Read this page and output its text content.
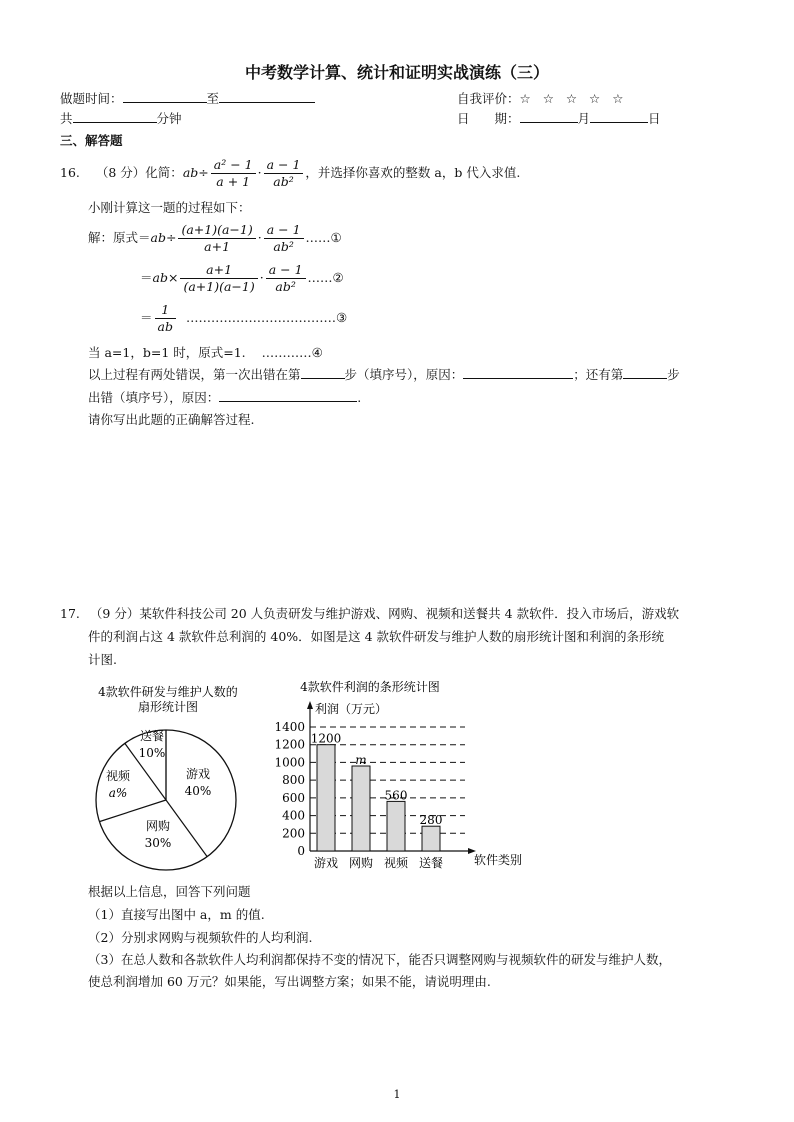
中考数学计算、统计和证明实战演练（三）
做题时间：	至	自我评价：☆ ☆ ☆ ☆ ☆
共	分钟	日　　期：	月	日
三、解答题
16. （8 分）化简：$ab\div \frac{\text{a² − 1}}{a + 1} \cdot \frac{a - 1}{\text{ab²}}$ ，并选择你喜欢的整数 a，b 代入求值.
小刚计算这一题的过程如下：
解：原式$=ab\div \frac{(a+1)(a-1)}{a+1} \cdot \frac{a - 1}{\text{ab²}}$ ……①
$=ab\times \frac{a+1}{(a+1)(a-1)} \cdot \frac{a - 1}{\text{ab²}}$ ……②
＝ $\frac{1}{ab}$ ………………………………③
当 a=1，b=1 时，原式=1. …………④
以上过程有两处错误，第一次出错在第	步（填序号），原因：	；还有第	步
出错（填序号），原因：	.
请你写出此题的正确解答过程.
17. （9 分）某软件科技公司 20 人负责研发与维护游戏、网购、视频和送餐共 4 款软件．投入市场后，游戏软
件的利润占这 4 款软件总利润的 40%．如图是这 4 款软件研发与维护人数的扇形统计图和利润的条形统
计图.
4款软件研发与维护人数的
扇形统计图
游戏
40%
网购
30%
视频
a%
送餐
10%
4款软件利润的条形统计图
利润（万元）
软件类别
0
200
400
600
800
1000
1200
1400
1200
游戏
m
网购
560
视频
280
送餐
根据以上信息，回答下列问题
（1）直接写出图中 a，m 的值.
（2）分别求网购与视频软件的人均利润.
（3）在总人数和各款软件人均利润都保持不变的情况下，能否只调整网购与视频软件的研发与维护人数，
使总利润增加 60 万元？如果能，写出调整方案；如果不能，请说明理由.
1
